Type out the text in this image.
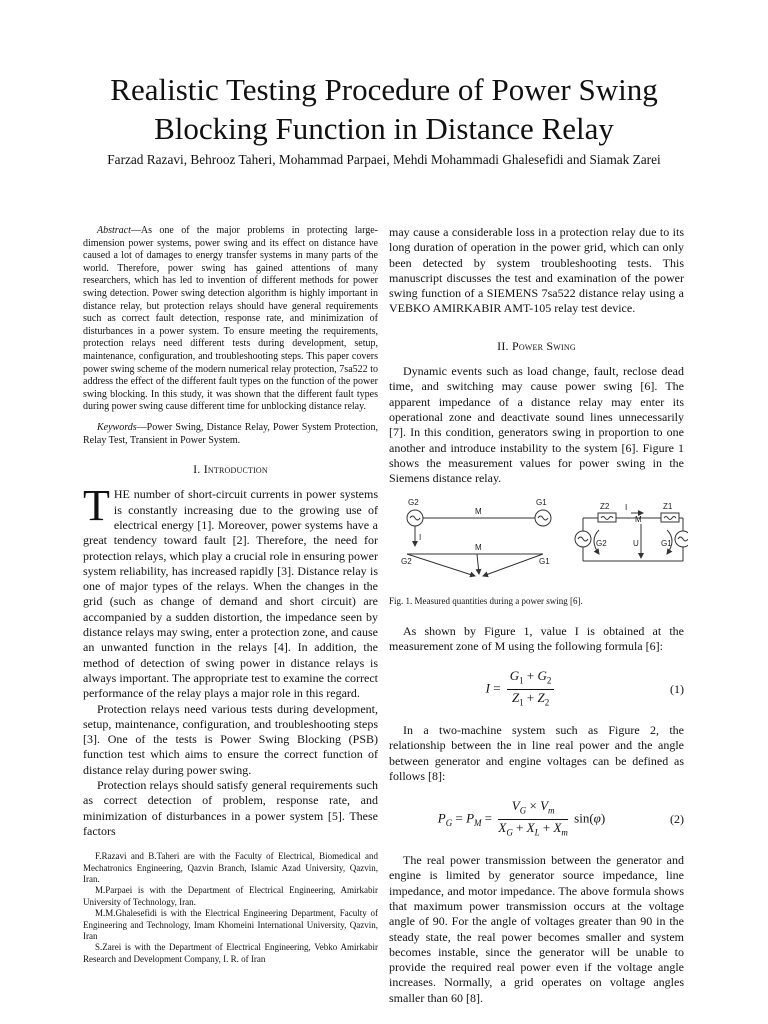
Realistic Testing Procedure of Power Swing
Blocking Function in Distance Relay
Farzad Razavi, Behrooz Taheri, Mohammad Parpaei, Mehdi Mohammadi Ghalesefidi and Siamak Zarei

Abstract—As one of the major problems in protecting large-dimension power systems, power swing and its effect on distance have caused a lot of damages to energy transfer systems in many parts of the world. Therefore, power swing has gained attentions of many researchers, which has led to invention of different methods for power swing detection. Power swing detection algorithm is highly important in distance relay, but protection relays should have general requirements such as correct fault detection, response rate, and minimization of disturbances in a power system. To ensure meeting the requirements, protection relays need different tests during development, setup, maintenance, configuration, and troubleshooting steps. This paper covers power swing scheme of the modern numerical relay protection, 7sa522 to address the effect of the different fault types on the function of the power swing blocking. In this study, it was shown that the different fault types during power swing cause different time for unblocking distance relay.

Keywords—Power Swing, Distance Relay, Power System Protection, Relay Test, Transient in Power System.

I. Introduction

THE number of short-circuit currents in power systems is constantly increasing due to the growing use of electrical energy [1]. Moreover, power systems have a great tendency toward fault [2]. Therefore, the need for protection relays, which play a crucial role in ensuring power system reliability, has increased rapidly [3]. Distance relay is one of major types of the relays. When the changes in the grid (such as change of demand and short circuit) are accompanied by a sudden distortion, the impedance seen by distance relays may swing, enter a protection zone, and cause an unwanted function in the relays [4]. In addition, the method of detection of swing power in distance relays is always important. The appropriate test to examine the correct performance of the relay plays a major role in this regard.

Protection relays need various tests during development, setup, maintenance, configuration, and troubleshooting steps [3]. One of the tests is Power Swing Blocking (PSB) function test which aims to ensure the correct function of distance relay during power swing.

Protection relays should satisfy general requirements such as correct detection of problem, response rate, and minimization of disturbances in a power system [5]. These factors

F.Razavi and B.Taheri are with the Faculty of Electrical, Biomedical and Mechatronics Engineering, Qazvin Branch, Islamic Azad University, Qazvin, Iran.

M.Parpaei is with the Department of Electrical Engineering, Amirkabir University of Technology, Iran.

M.M.Ghalesefidi is with the Electrical Engineering Department, Faculty of Engineering and Technology, Imam Khomeini International University, Qazvin, Iran

S.Zarei is with the Department of Electrical Engineering, Vebko Amirkabir Research and Development Company, I. R. of Iran

may cause a considerable loss in a protection relay due to its long duration of operation in the power grid, which can only been detected by system troubleshooting tests. This manuscript discusses the test and examination of the power swing function of a SIEMENS 7sa522 distance relay using a VEBKO AMIRKABIR AMT-105 relay test device.

II. Power Swing

Dynamic events such as load change, fault, reclose dead time, and switching may cause power swing [6]. The apparent impedance of a distance relay may enter its operational zone and deactivate sound lines unnecessarily [7]. In this condition, generators swing in proportion to one another and introduce instability to the system [6]. Figure 1 shows the measurement values for power swing in the Siemens distance relay.

G2	G1
M
I
M
G2	G1
Z2	Z1
I
M
U
G2	G1
Fig. 1. Measured quantities during a power swing [6].

As shown by Figure 1, value I is obtained at the measurement zone of M using the following formula [6]:

$I = \frac{G_1 + G_2}{Z_1 + Z_2}$	(1)

In a two-machine system such as Figure 2, the relationship between the in line real power and the angle between generator and engine voltages can be defined as follows [8]:

$P_G = P_M = \frac{V_G \times V_m}{X_G + X_L + X_m} \sin(\varphi)$	(2)

The real power transmission between the generator and engine is limited by generator source impedance, line impedance, and motor impedance. The above formula shows that maximum power transmission occurs at the voltage angle of 90. For the angle of voltages greater than 90 in the steady state, the real power becomes smaller and system becomes instable, since the generator will be unable to provide the required real power even if the voltage angle increases. Normally, a grid operates on voltage angles smaller than 60 [8].
